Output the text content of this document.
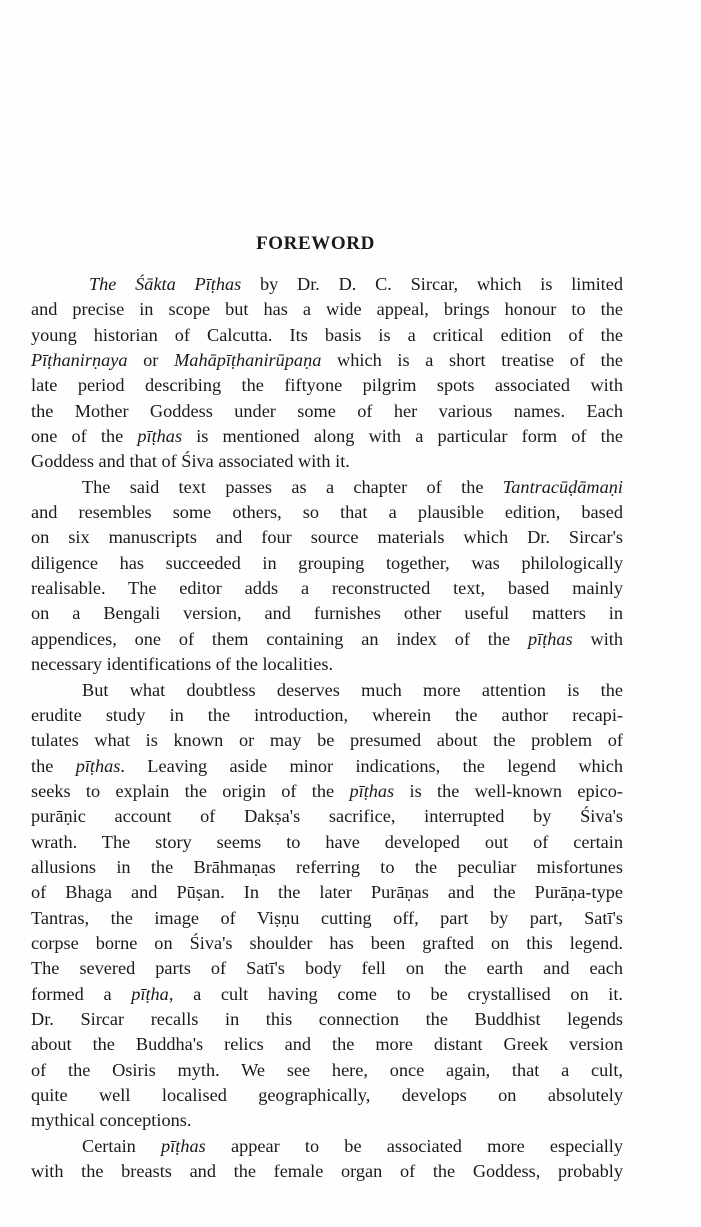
FOREWORD
The Śākta Pīṭhas by Dr. D. C. Sircar, which is limited
and precise in scope but has a wide appeal, brings honour to the
young historian of Calcutta. Its basis is a critical edition of the
Pīṭhanirṇaya or Mahāpīṭhanirūpaṇa which is a short treatise of the
late period describing the fiftyone pilgrim spots associated with
the Mother Goddess under some of her various names. Each
one of the pīṭhas is mentioned along with a particular form of the
Goddess and that of Śiva associated with it.
The said text passes as a chapter of the Tantracūḍāmaṇi
and resembles some others, so that a plausible edition, based
on six manuscripts and four source materials which Dr. Sircar's
diligence has succeeded in grouping together, was philologically
realisable. The editor adds a reconstructed text, based mainly
on a Bengali version, and furnishes other useful matters in
appendices, one of them containing an index of the pīṭhas with
necessary identifications of the localities.
But what doubtless deserves much more attention is the
erudite study in the introduction, wherein the author recapi-
tulates what is known or may be presumed about the problem of
the pīṭhas. Leaving aside minor indications, the legend which
seeks to explain the origin of the pīṭhas is the well-known epico-
purāṇic account of Dakṣa's sacrifice, interrupted by Śiva's
wrath. The story seems to have developed out of certain
allusions in the Brāhmaṇas referring to the peculiar misfortunes
of Bhaga and Pūṣan. In the later Purāṇas and the Purāṇa-type
Tantras, the image of Viṣṇu cutting off, part by part, Satī's
corpse borne on Śiva's shoulder has been grafted on this legend.
The severed parts of Satī's body fell on the earth and each
formed a pīṭha, a cult having come to be crystallised on it.
Dr. Sircar recalls in this connection the Buddhist legends
about the Buddha's relics and the more distant Greek version
of the Osiris myth. We see here, once again, that a cult,
quite well localised geographically, develops on absolutely
mythical conceptions.
Certain pīṭhas appear to be associated more especially
with the breasts and the female organ of the Goddess, probably
